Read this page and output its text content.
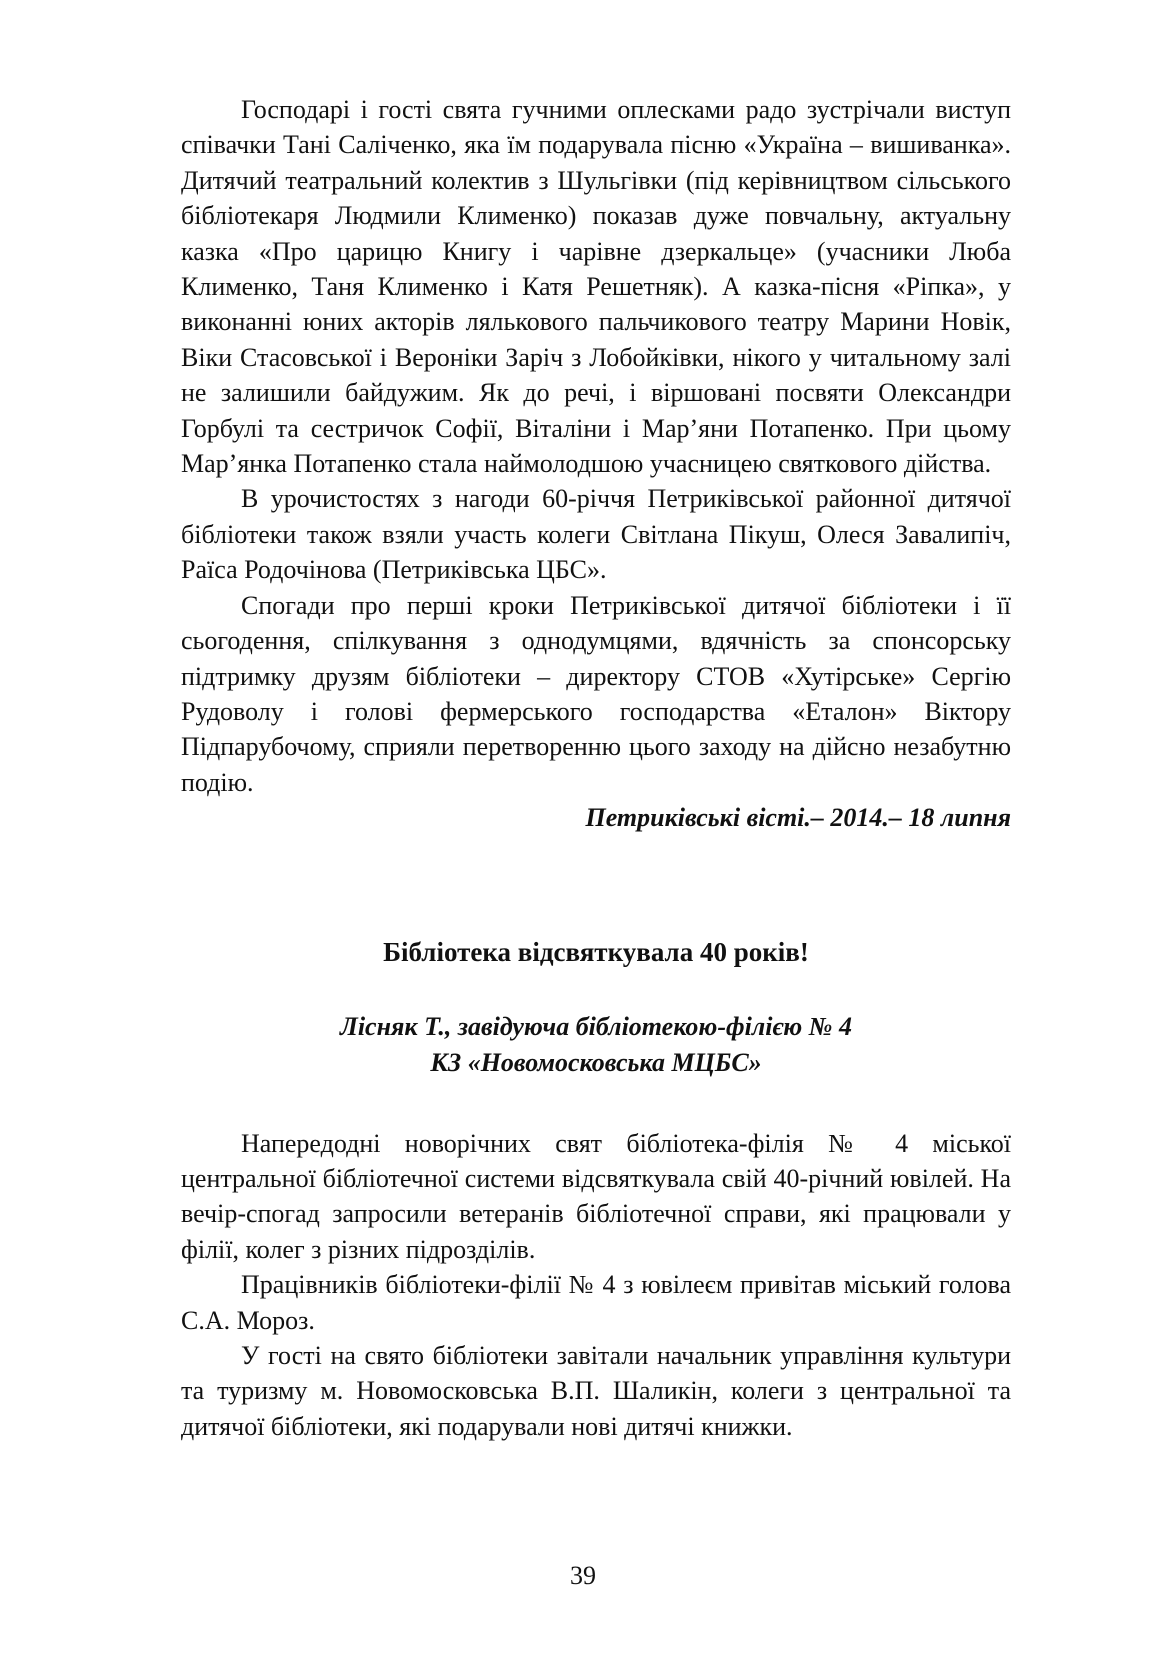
Господарі і гості свята гучними оплесками радо зустрічали виступ співачки Тані Саліченко, яка їм подарувала пісню «Україна – вишиванка». Дитячий театральний колектив з Шульгівки (під керівництвом сільського бібліотекаря Людмили Клименко) показав дуже повчальну, актуальну казка «Про царицю Книгу і чарівне дзеркальце» (учасники Люба Клименко, Таня Клименко і Катя Решетняк). А казка-пісня «Ріпка», у виконанні юних акторів лялькового пальчикового театру Марини Новік, Віки Стасовської і Вероніки Заріч з Лобойківки, нікого у читальному залі не залишили байдужим. Як до речі, і віршовані посвяти Олександри Горбулі та сестричок Софії, Віталіни і Мар’яни Потапенко. При цьому Мар’янка Потапенко стала наймолодшою учасницею святкового дійства.

В урочистостях з нагоди 60-річчя Петриківської районної дитячої бібліотеки також взяли участь колеги Світлана Пікуш, Олеся Завалипіч, Раїса Родочінова (Петриківська ЦБС».

Спогади про перші кроки Петриківської дитячої бібліотеки і її сьогодення, спілкування з однодумцями, вдячність за спонсорську підтримку друзям бібліотеки – директору СТОВ «Хутірське» Сергію Рудоволу і голові фермерського господарства «Еталон» Віктору Підпарубочому, сприяли перетворенню цього заходу на дійсно незабутню подію.

Петриківські вісті.– 2014.– 18 липня

Бібліотека відсвяткувала 40 років!
Лісняк Т., завідуюча бібліотекою-філією № 4
КЗ «Новомосковська МЦБС»

Напередодні новорічних свят бібліотека-філія № 4 міської центральної бібліотечної системи відсвяткувала свій 40-річний ювілей. На вечір-спогад запросили ветеранів бібліотечної справи, які працювали у філії, колег з різних підрозділів.

Працівників бібліотеки-філії № 4 з ювілеєм привітав міський голова С.А. Мороз.

У гості на свято бібліотеки завітали начальник управління культури та туризму м. Новомосковська В.П. Шаликін, колеги з центральної та дитячої бібліотеки, які подарували нові дитячі книжки.

39
